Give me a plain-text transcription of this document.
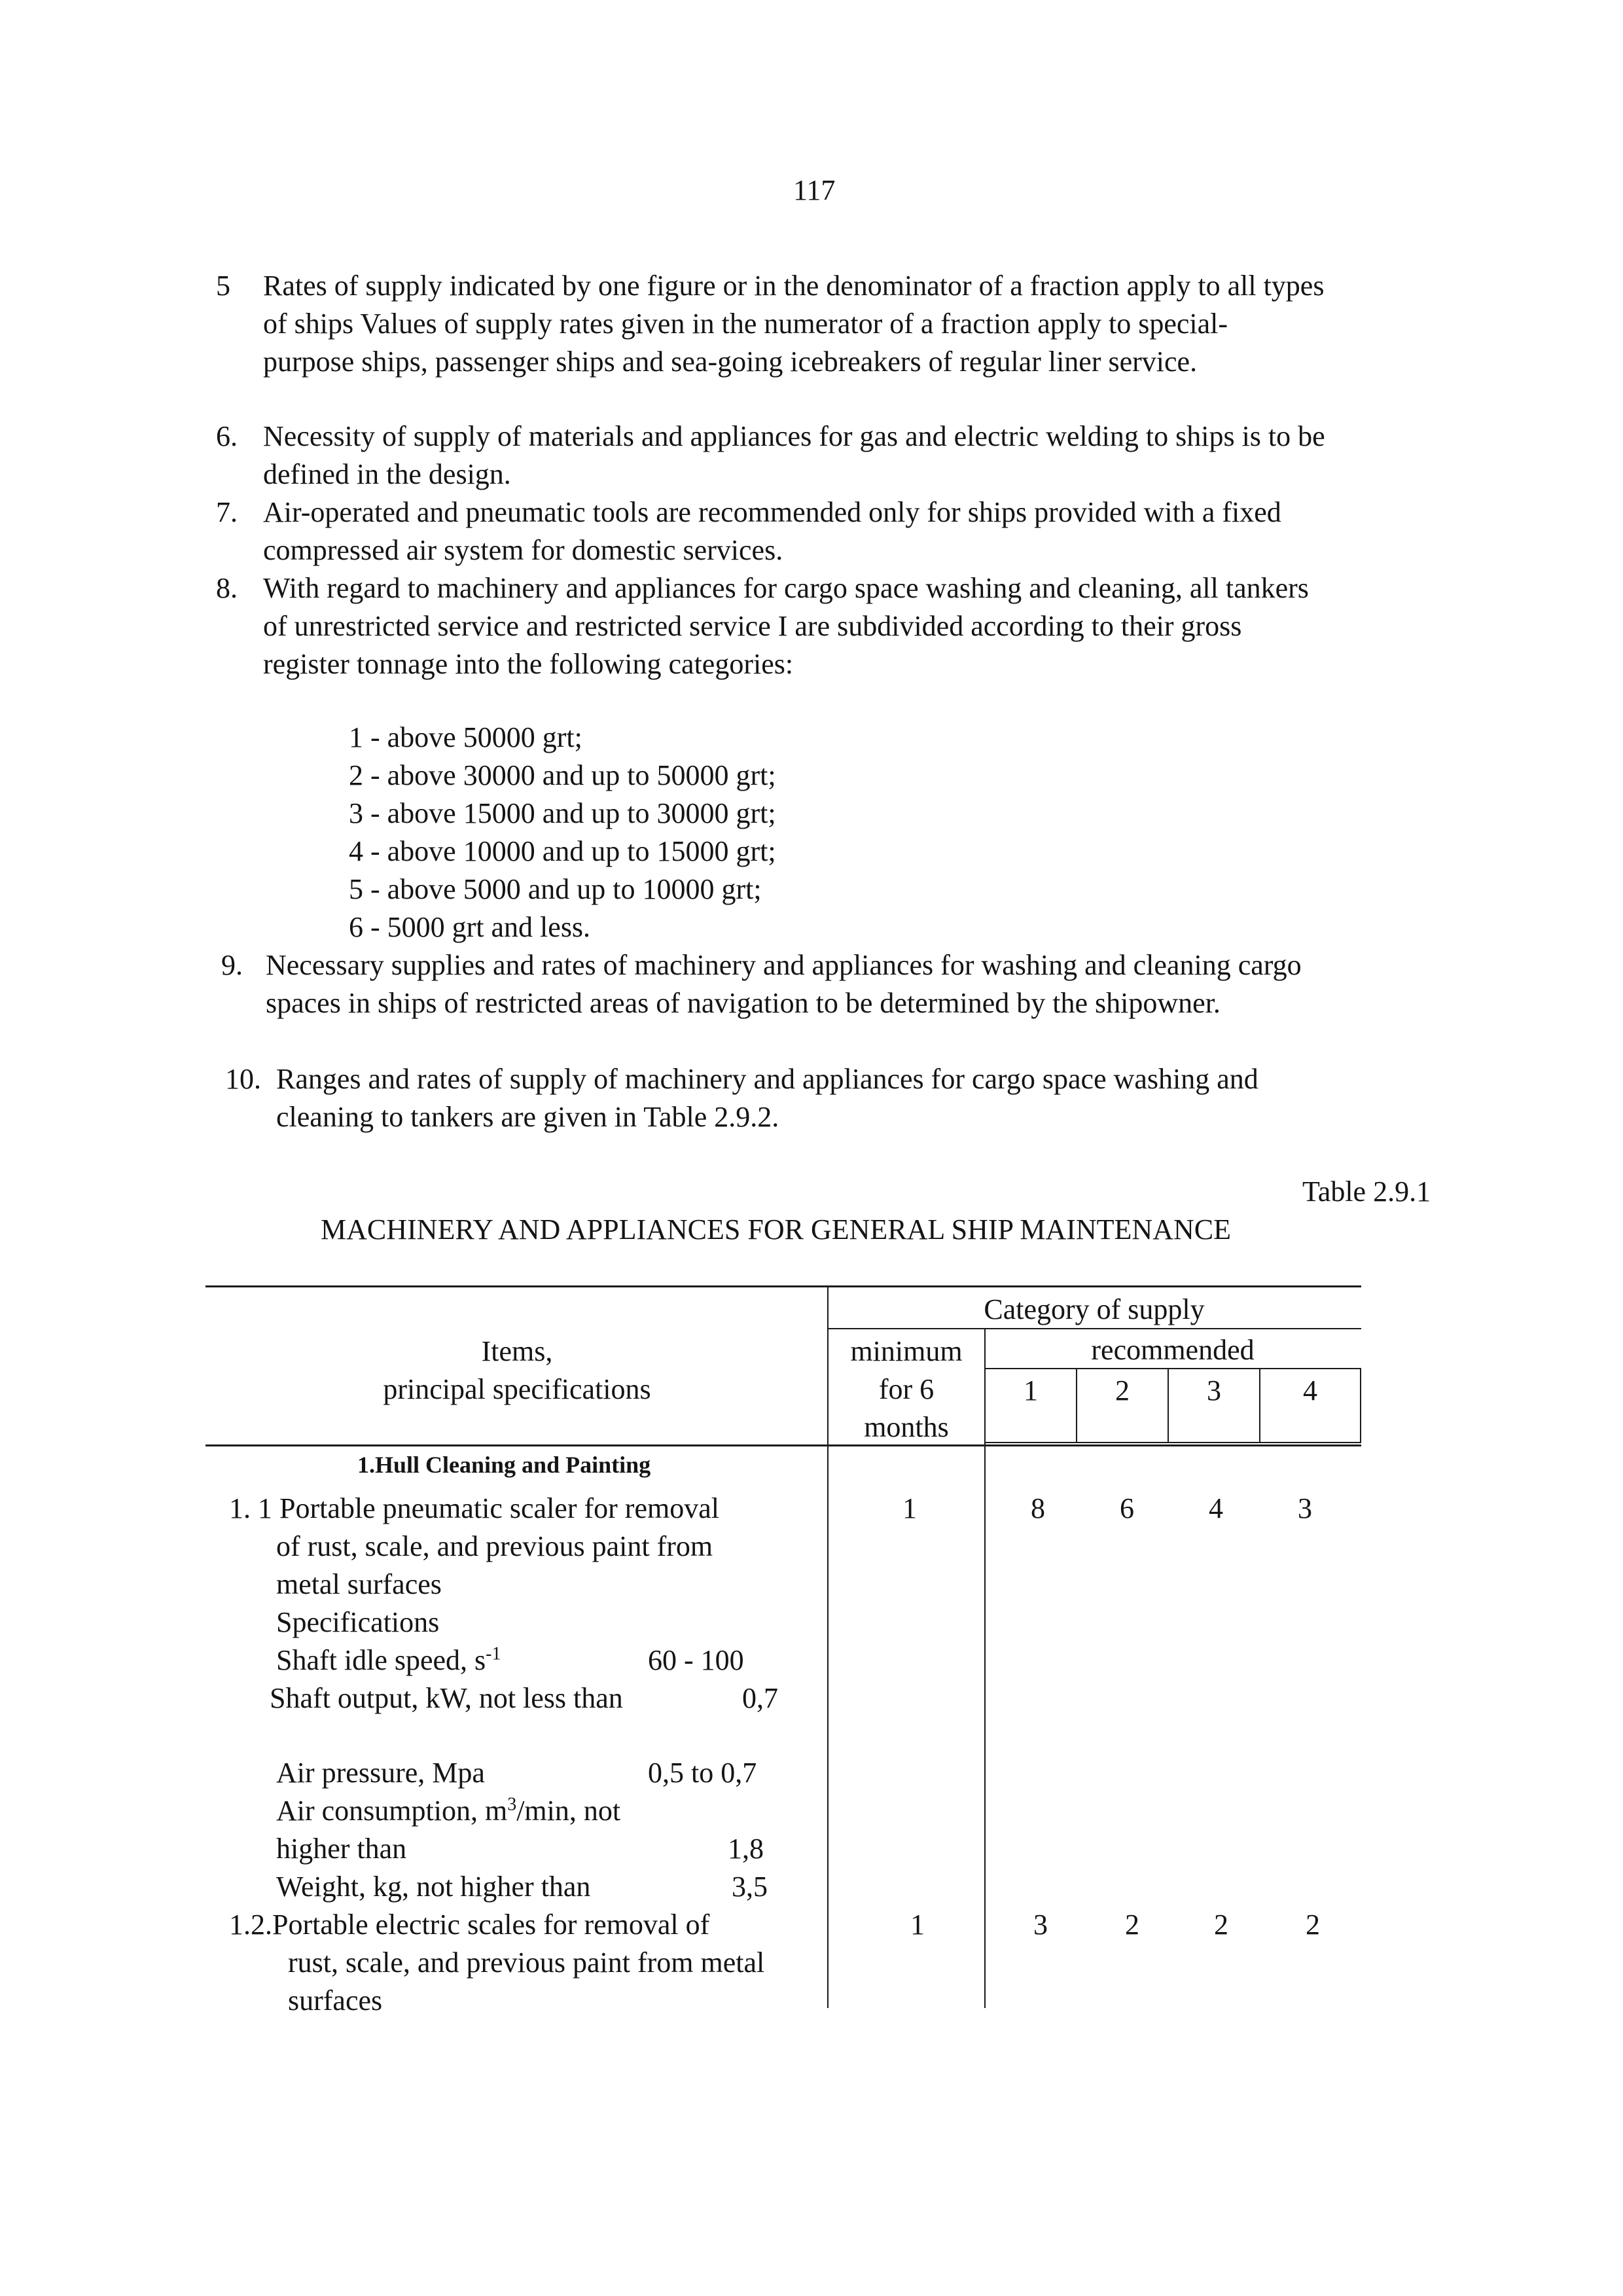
117
5 Rates of supply indicated by one figure or in the denominator of a fraction apply to all types
of ships Values of supply rates given in the numerator of a fraction apply to special-
purpose ships, passenger ships and sea-going icebreakers of regular liner service.
6. Necessity of supply of materials and appliances for gas and electric welding to ships is to be
defined in the design.
7. Air-operated and pneumatic tools are recommended only for ships provided with a fixed
compressed air system for domestic services.
8. With regard to machinery and appliances for cargo space washing and cleaning, all tankers
of unrestricted service and restricted service I are subdivided according to their gross
register tonnage into the following categories:
1 - above 50000 grt;
2 - above 30000 and up to 50000 grt;
3 - above 15000 and up to 30000 grt;
4 - above 10000 and up to 15000 grt;
5 - above 5000 and up to 10000 grt;
6 - 5000 grt and less.
9. Necessary supplies and rates of machinery and appliances for washing and cleaning cargo
spaces in ships of restricted areas of navigation to be determined by the shipowner.
10. Ranges and rates of supply of machinery and appliances for cargo space washing and
cleaning to tankers are given in Table 2.9.2.
Table 2.9.1
MACHINERY AND APPLIANCES FOR GENERAL SHIP MAINTENANCE
Items,
principal specifications
Category of supply
minimum
for 6
months
recommended
1	2	3	4
1.Hull Cleaning and Painting
1. 1 Portable pneumatic scaler for removal
of rust, scale, and previous paint from
metal surfaces
Specifications
Shaft idle speed, $s^{-1}$	60 - 100
Shaft output, kW, not less than	0,7
Air pressure, Mpa	0,5 to 0,7
Air consumption, $m^3/\min$, not
higher than	1,8
Weight, kg, not higher than	3,5
1	8	6	4	3
1.2.Portable electric scales for removal of
rust, scale, and previous paint from metal
surfaces
1	3	2	2	2
